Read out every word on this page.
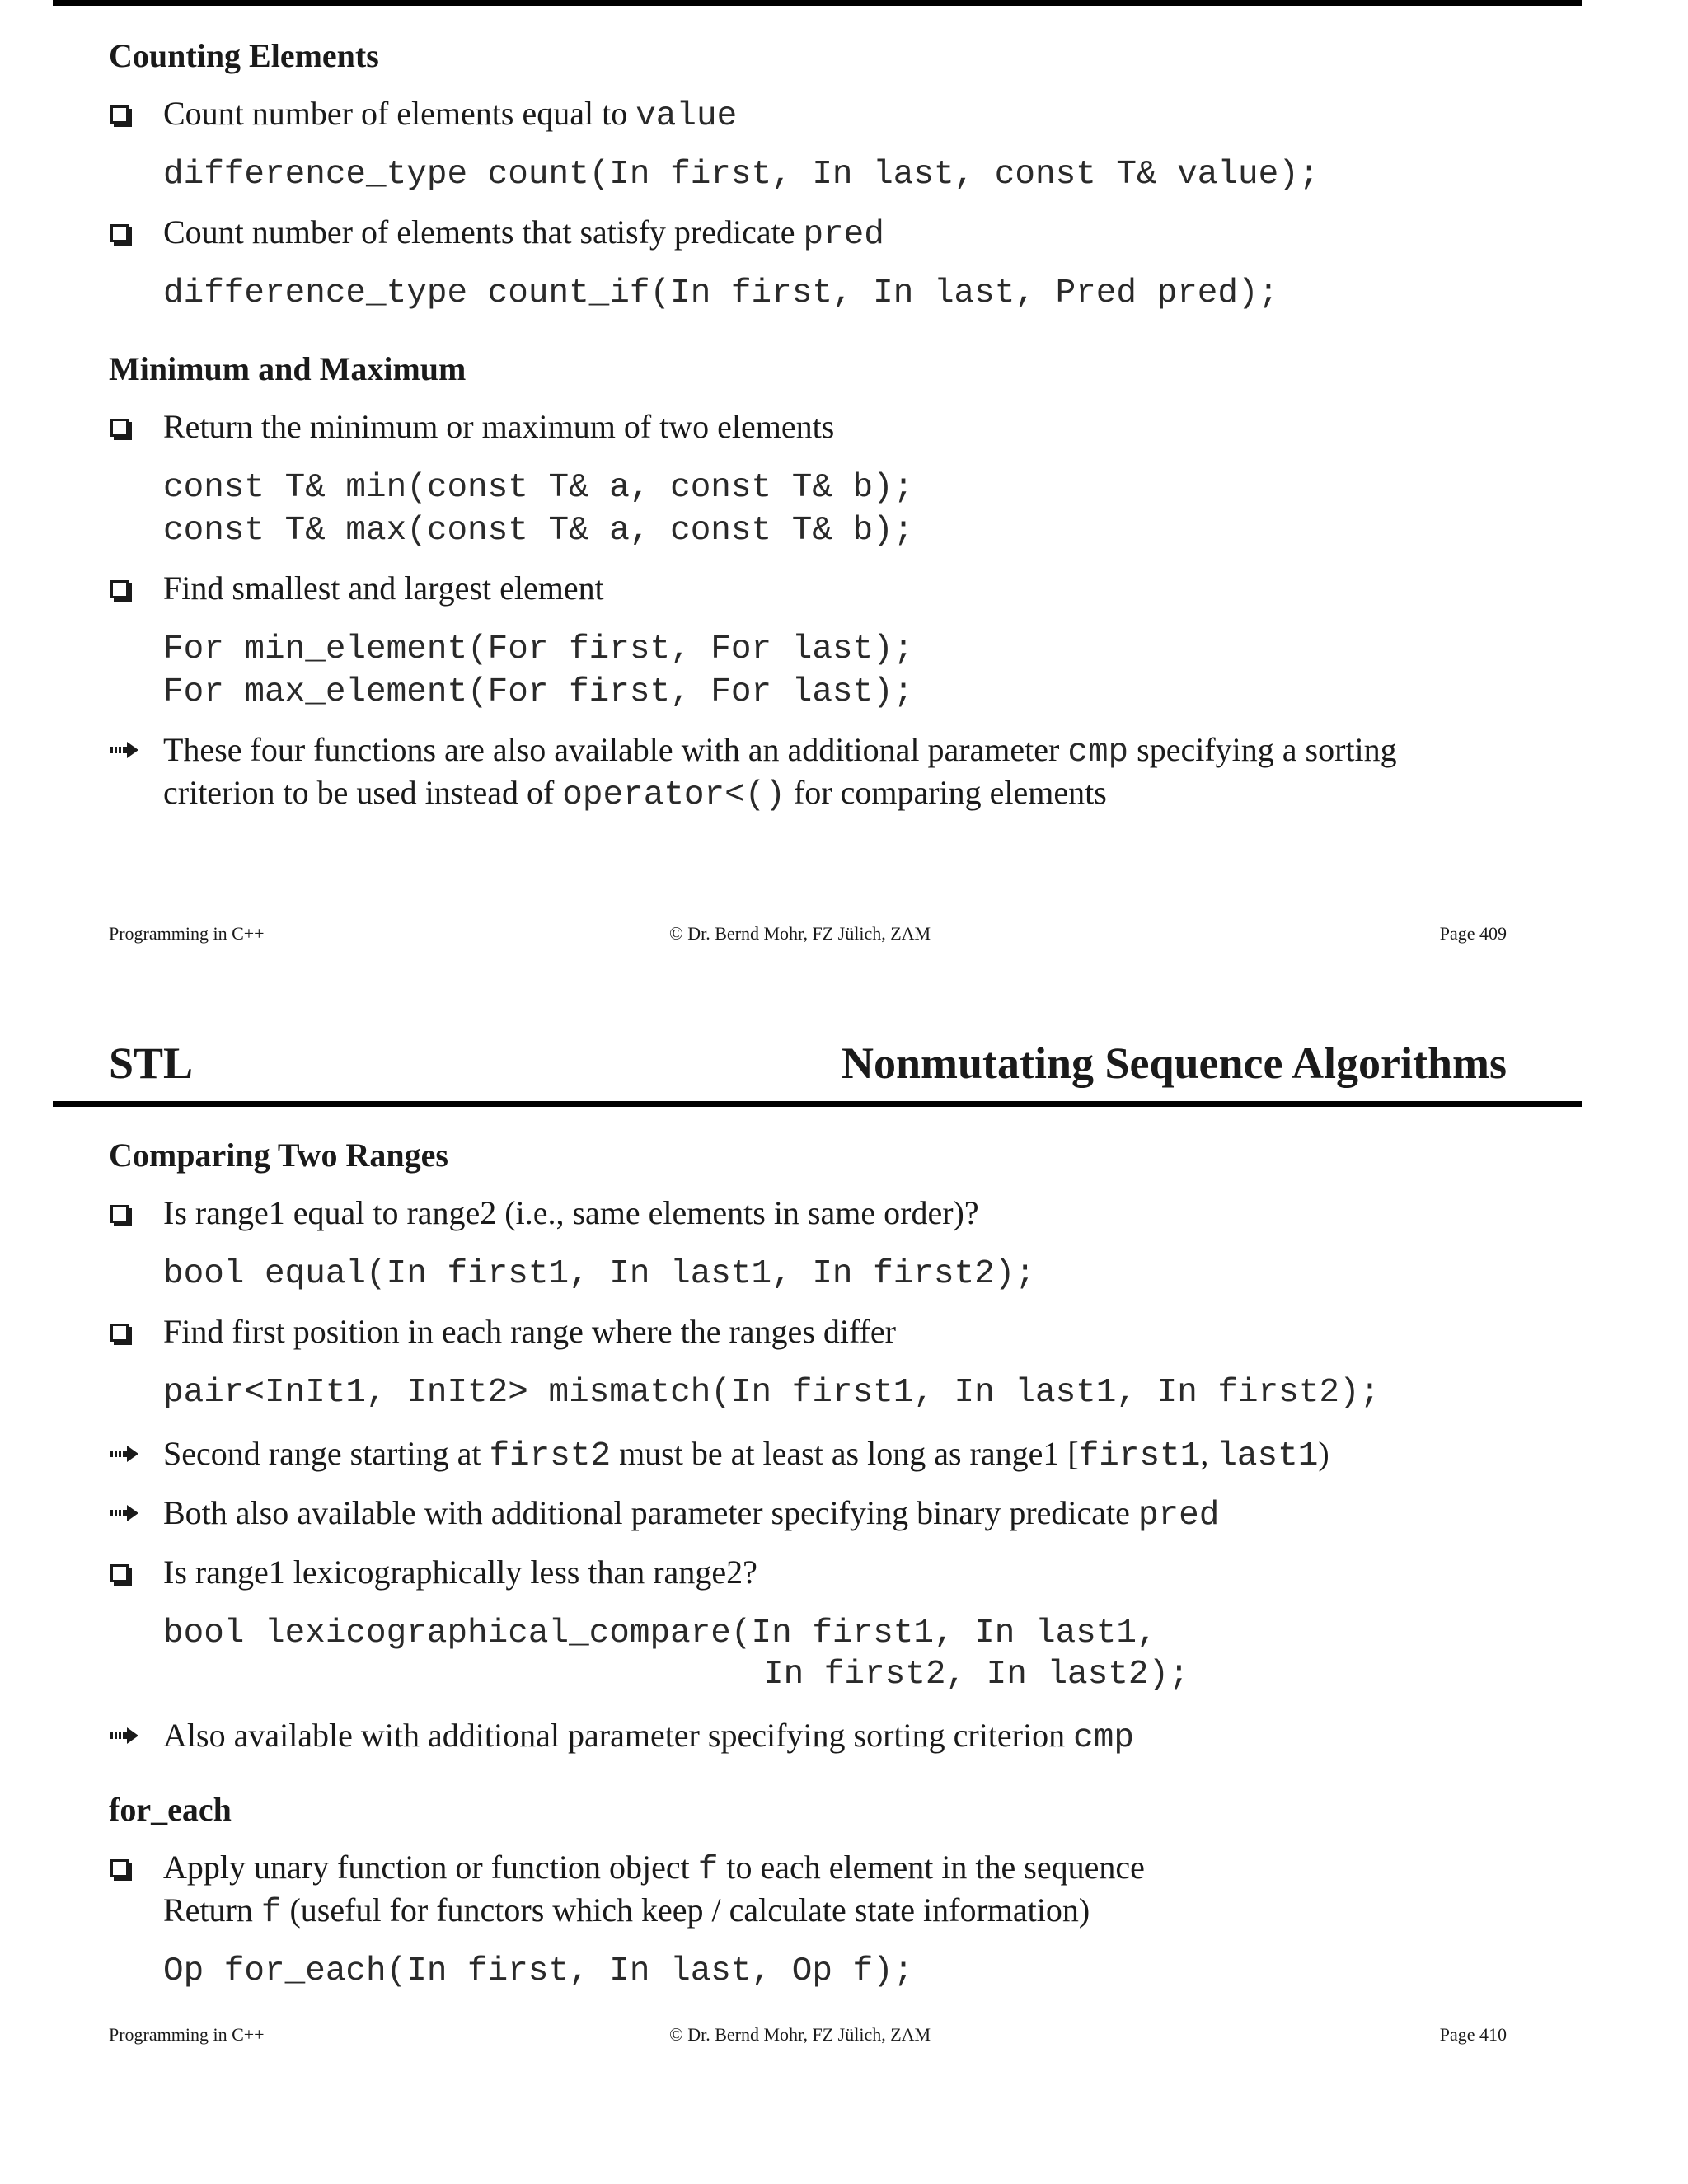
Counting Elements
Count number of elements equal to value
difference_type count(In first, In last, const T& value);
Count number of elements that satisfy predicate pred
difference_type count_if(In first, In last, Pred pred);
Minimum and Maximum
Return the minimum or maximum of two elements
const T& min(const T& a, const T& b);
const T& max(const T& a, const T& b);
Find smallest and largest element
For min_element(For first, For last);
For max_element(For first, For last);
These four functions are also available with an additional parameter cmp specifying a sorting
criterion to be used instead of operator<() for comparing elements
Programming in C++	© Dr. Bernd Mohr, FZ Jülich, ZAM	Page 409
STL	Nonmutating Sequence Algorithms
Comparing Two Ranges
Is range1 equal to range2 (i.e., same elements in same order)?
bool equal(In first1, In last1, In first2);
Find first position in each range where the ranges differ
pair<InIt1, InIt2> mismatch(In first1, In last1, In first2);
Second range starting at first2 must be at least as long as range1 [first1, last1)
Both also available with additional parameter specifying binary predicate pred
Is range1 lexicographically less than range2?
bool lexicographical_compare(In first1, In last1,
In first2, In last2);
Also available with additional parameter specifying sorting criterion cmp
for_each
Apply unary function or function object f to each element in the sequence
Return f (useful for functors which keep / calculate state information)
Op for_each(In first, In last, Op f);
Programming in C++	© Dr. Bernd Mohr, FZ Jülich, ZAM	Page 410
